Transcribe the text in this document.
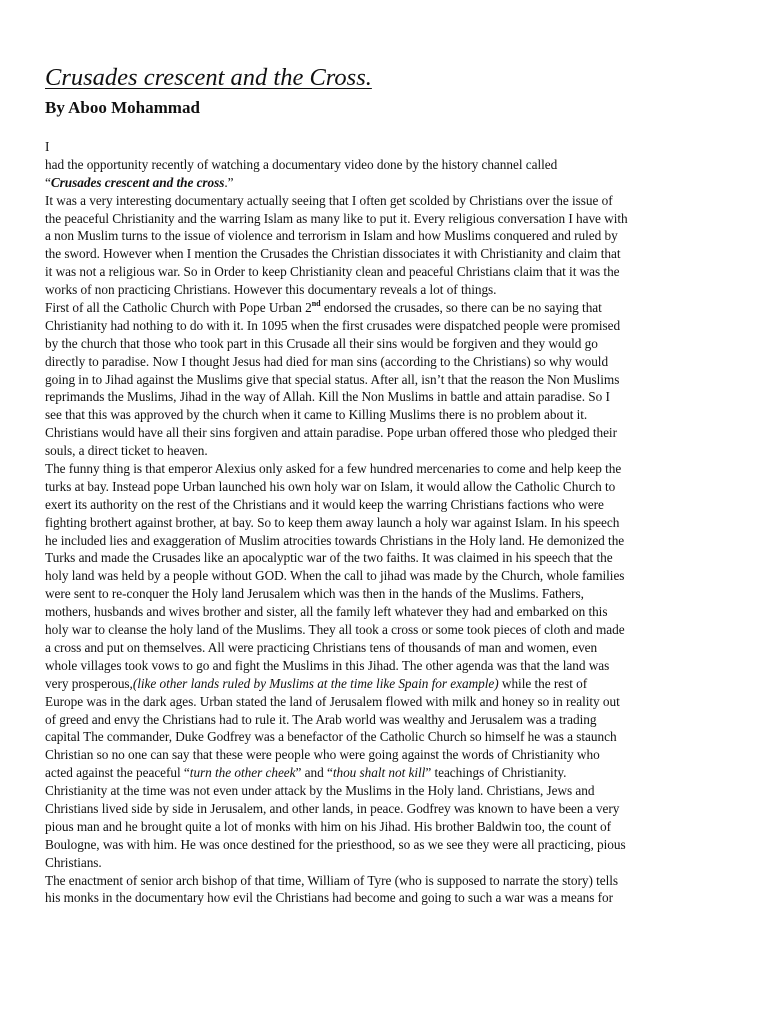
Crusades crescent and the Cross.
By Aboo Mohammad
I
had the opportunity recently of watching a documentary video done by the history channel called
“Crusades crescent and the cross.”
It was a very interesting documentary actually seeing that I often get scolded by Christians over the issue of
the peaceful Christianity and the warring Islam as many like to put it. Every religious conversation I have with
a non Muslim turns to the issue of violence and terrorism in Islam and how Muslims conquered and ruled by
the sword. However when I mention the Crusades the Christian dissociates it with Christianity and claim that
it was not a religious war. So in Order to keep Christianity clean and peaceful Christians claim that it was the
works of non practicing Christians. However this documentary reveals a lot of things.
First of all the Catholic Church with Pope Urban 2nd endorsed the crusades, so there can be no saying that
Christianity had nothing to do with it. In 1095 when the first crusades were dispatched people were promised
by the church that those who took part in this Crusade all their sins would be forgiven and they would go
directly to paradise. Now I thought Jesus had died for man sins (according to the Christians) so why would
going in to Jihad against the Muslims give that special status. After all, isn’t that the reason the Non Muslims
reprimands the Muslims, Jihad in the way of Allah. Kill the Non Muslims in battle and attain paradise. So I
see that this was approved by the church when it came to Killing Muslims there is no problem about it.
Christians would have all their sins forgiven and attain paradise. Pope urban offered those who pledged their
souls, a direct ticket to heaven.
The funny thing is that emperor Alexius only asked for a few hundred mercenaries to come and help keep the
turks at bay. Instead pope Urban launched his own holy war on Islam, it would allow the Catholic Church to
exert its authority on the rest of the Christians and it would keep the warring Christians factions who were
fighting brothert against brother, at bay. So to keep them away launch a holy war against Islam. In his speech
he included lies and exaggeration of Muslim atrocities towards Christians in the Holy land. He demonized the
Turks and made the Crusades like an apocalyptic war of the two faiths. It was claimed in his speech that the
holy land was held by a people without GOD. When the call to jihad was made by the Church, whole families
were sent to re-conquer the Holy land Jerusalem which was then in the hands of the Muslims. Fathers,
mothers, husbands and wives brother and sister, all the family left whatever they had and embarked on this
holy war to cleanse the holy land of the Muslims. They all took a cross or some took pieces of cloth and made
a cross and put on themselves. All were practicing Christians tens of thousands of man and women, even
whole villages took vows to go and fight the Muslims in this Jihad. The other agenda was that the land was
very prosperous,(like other lands ruled by Muslims at the time like Spain for example) while the rest of
Europe was in the dark ages. Urban stated the land of Jerusalem flowed with milk and honey so in reality out
of greed and envy the Christians had to rule it. The Arab world was wealthy and Jerusalem was a trading
capital The commander, Duke Godfrey was a benefactor of the Catholic Church so himself he was a staunch
Christian so no one can say that these were people who were going against the words of Christianity who
acted against the peaceful “turn the other cheek” and “thou shalt not kill” teachings of Christianity.
Christianity at the time was not even under attack by the Muslims in the Holy land. Christians, Jews and
Christians lived side by side in Jerusalem, and other lands, in peace. Godfrey was known to have been a very
pious man and he brought quite a lot of monks with him on his Jihad. His brother Baldwin too, the count of
Boulogne, was with him. He was once destined for the priesthood, so as we see they were all practicing, pious
Christians.
The enactment of senior arch bishop of that time, William of Tyre (who is supposed to narrate the story) tells
his monks in the documentary how evil the Christians had become and going to such a war was a means for
